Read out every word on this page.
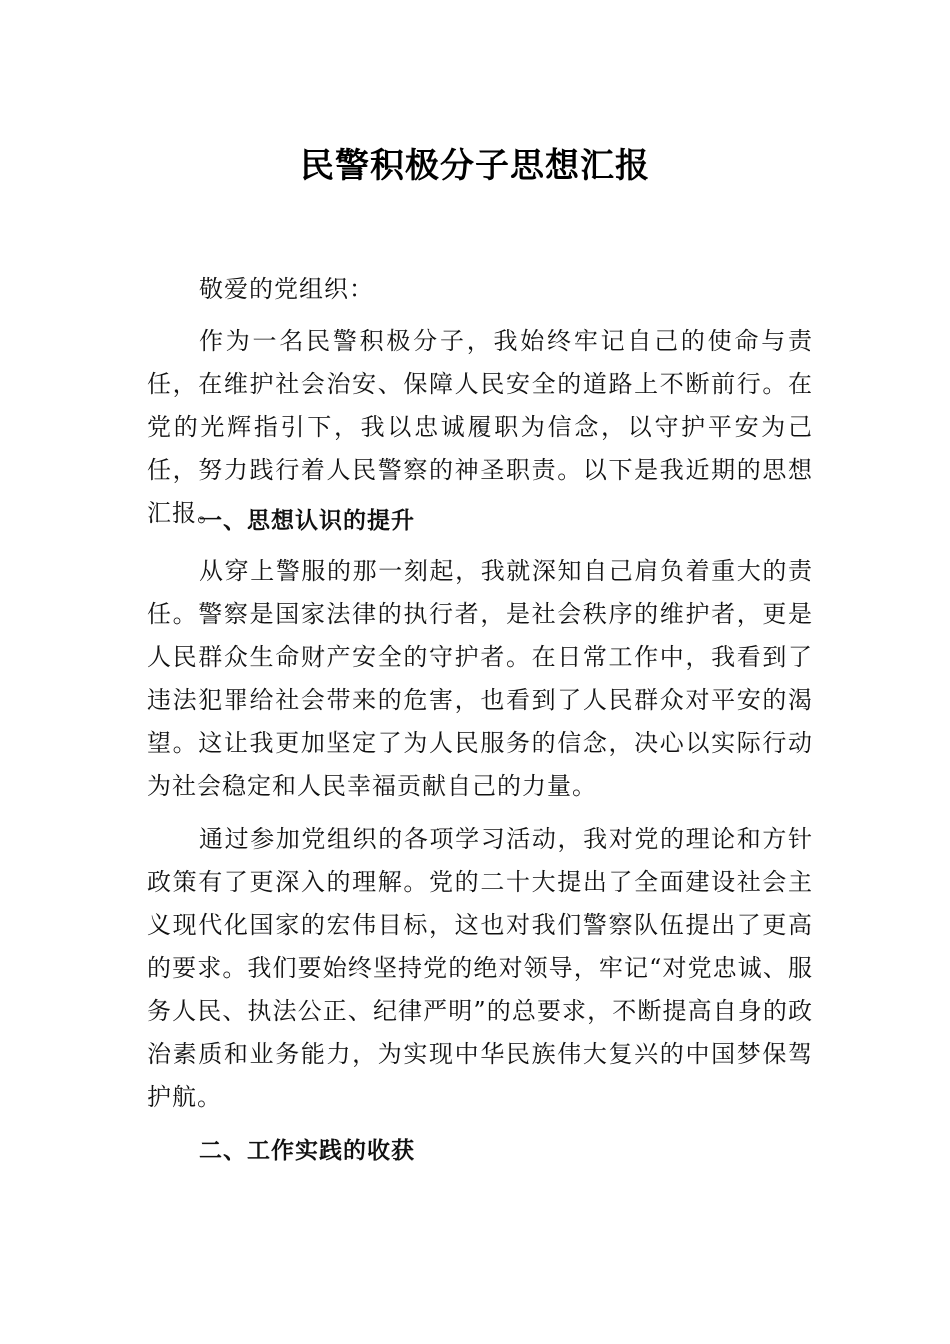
民警积极分子思想汇报

敬爱的党组织：

作为一名民警积极分子，我始终牢记自己的使命与责任，在维护社会治安、保障人民安全的道路上不断前行。在党的光辉指引下，我以忠诚履职为信念，以守护平安为己任，努力践行着人民警察的神圣职责。以下是我近期的思想汇报。

一、思想认识的提升

从穿上警服的那一刻起，我就深知自己肩负着重大的责任。警察是国家法律的执行者，是社会秩序的维护者，更是人民群众生命财产安全的守护者。在日常工作中，我看到了 违法犯罪给社会带来的危害，也看到了人民群众对平安的渴 望。这让我更加坚定了为人民服务的信念，决心以实际行动 为社会稳定和人民幸福贡献自己的力量。

通过参加党组织的各项学习活动，我对党的理论和方针政策有了更深入的理解。党的二十大提出了全面建设社会主义现代化国家的宏伟目标，这也对我们警察队伍提出了更高的要求。我们要始终坚持党的绝对领导，牢记“对党忠诚、服务人民、执法公正、纪律严明”的总要求，不断提高自身的政治素质和业务能力，为实现中华民族伟大复兴的中国梦保驾护航。

二、工作实践的收获
